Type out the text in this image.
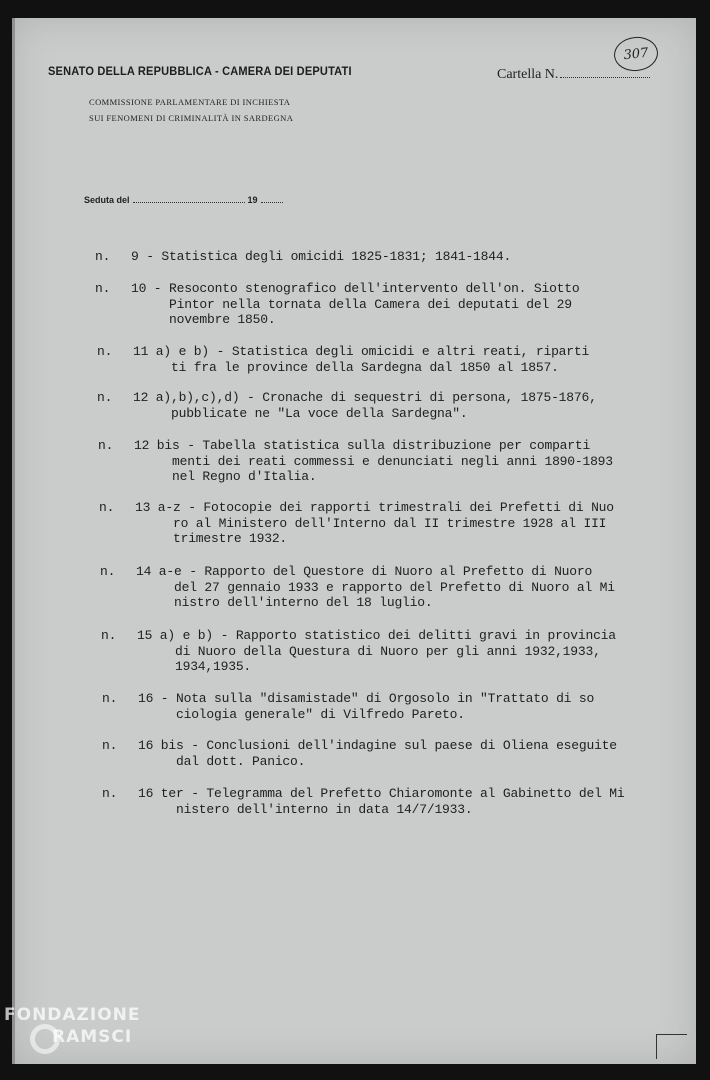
SENATO DELLA REPUBBLICA - CAMERA DEI DEPUTATI
COMMISSIONE PARLAMENTARE DI INCHIESTA
SUI FENOMENI DI CRIMINALITÀ IN SARDEGNA
Cartella N.
307
Seduta del	19
n. 9 - Statistica degli omicidi 1825-1831; 1841-1844.
n. 10 - Resoconto stenografico dell'intervento dell'on. Siotto
Pintor nella tornata della Camera dei deputati del 29
novembre 1850.
n. 11 a) e b) - Statistica degli omicidi e altri reati, riparti
ti fra le province della Sardegna dal 1850 al 1857.
n. 12 a),b),c),d) - Cronache di sequestri di persona, 1875-1876,
pubblicate ne "La voce della Sardegna".
n. 12 bis - Tabella statistica sulla distribuzione per comparti
menti dei reati commessi e denunciati negli anni 1890-1893
nel Regno d'Italia.
n. 13 a-z - Fotocopie dei rapporti trimestrali dei Prefetti di Nuo
ro al Ministero dell'Interno dal II trimestre 1928 al III
trimestre 1932.
n. 14 a-e - Rapporto del Questore di Nuoro al Prefetto di Nuoro
del 27 gennaio 1933 e rapporto del Prefetto di Nuoro al Mi
nistro dell'interno del 18 luglio.
n. 15 a) e b) - Rapporto statistico dei delitti gravi in provincia
di Nuoro della Questura di Nuoro per gli anni 1932,1933,
1934,1935.
n. 16 - Nota sulla "disamistade" di Orgosolo in "Trattato di so
ciologia generale" di Vilfredo Pareto.
n. 16 bis - Conclusioni dell'indagine sul paese di Oliena eseguite
dal dott. Panico.
n. 16 ter - Telegramma del Prefetto Chiaromonte al Gabinetto del Mi
nistero dell'interno in data 14/7/1933.
FONDAZIONE
RAMSCI
